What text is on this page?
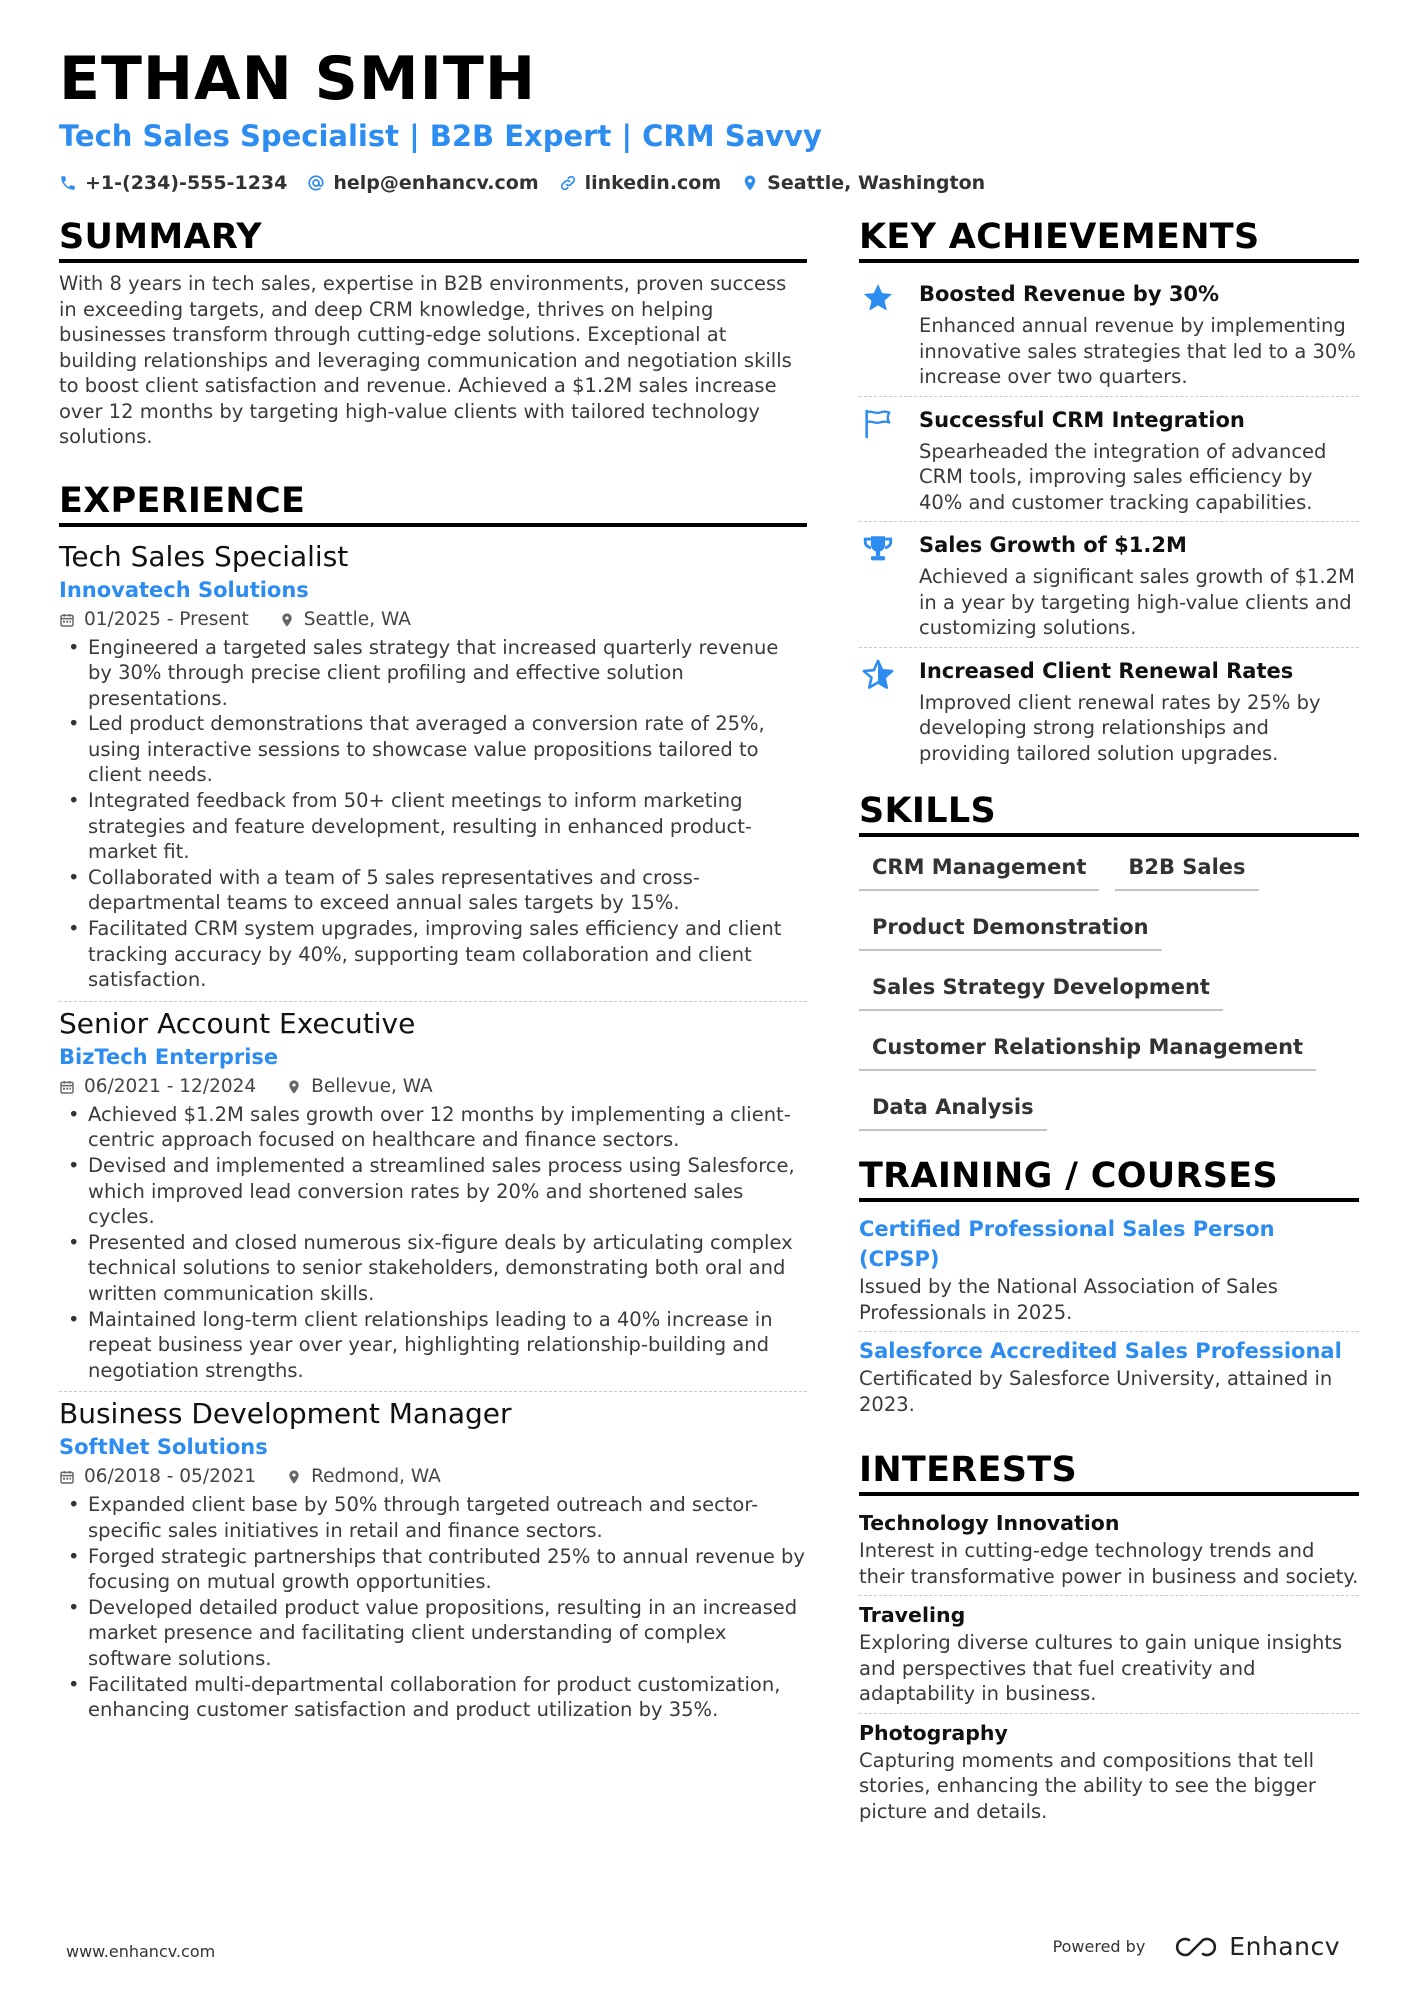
ETHAN SMITH
Tech Sales Specialist | B2B Expert | CRM Savvy
+1-(234)-555-1234 help@enhancv.com linkedin.com Seattle, Washington
SUMMARY
With 8 years in tech sales, expertise in B2B environments, proven success in exceeding targets, and deep CRM knowledge, thrives on helping businesses transform through cutting-edge solutions. Exceptional at building relationships and leveraging communication and negotiation skills to boost client satisfaction and revenue. Achieved a $1.2M sales increase over 12 months by targeting high-value clients with tailored technology solutions.
EXPERIENCE
Tech Sales Specialist
Innovatech Solutions
01/2025 - Present	Seattle, WA
• Engineered a targeted sales strategy that increased quarterly revenue by 30% through precise client profiling and effective solution presentations.
• Led product demonstrations that averaged a conversion rate of 25%, using interactive sessions to showcase value propositions tailored to client needs.
• Integrated feedback from 50+ client meetings to inform marketing strategies and feature development, resulting in enhanced product-market fit.
• Collaborated with a team of 5 sales representatives and cross-departmental teams to exceed annual sales targets by 15%.
• Facilitated CRM system upgrades, improving sales efficiency and client tracking accuracy by 40%, supporting team collaboration and client satisfaction.
Senior Account Executive
BizTech Enterprise
06/2021 - 12/2024	Bellevue, WA
• Achieved $1.2M sales growth over 12 months by implementing a client-centric approach focused on healthcare and finance sectors.
• Devised and implemented a streamlined sales process using Salesforce, which improved lead conversion rates by 20% and shortened sales cycles.
• Presented and closed numerous six-figure deals by articulating complex technical solutions to senior stakeholders, demonstrating both oral and written communication skills.
• Maintained long-term client relationships leading to a 40% increase in repeat business year over year, highlighting relationship-building and negotiation strengths.
Business Development Manager
SoftNet Solutions
06/2018 - 05/2021	Redmond, WA
• Expanded client base by 50% through targeted outreach and sector-specific sales initiatives in retail and finance sectors.
• Forged strategic partnerships that contributed 25% to annual revenue by focusing on mutual growth opportunities.
• Developed detailed product value propositions, resulting in an increased market presence and facilitating client understanding of complex software solutions.
• Facilitated multi-departmental collaboration for product customization, enhancing customer satisfaction and product utilization by 35%.
KEY ACHIEVEMENTS
Boosted Revenue by 30%
Enhanced annual revenue by implementing innovative sales strategies that led to a 30% increase over two quarters.
Successful CRM Integration
Spearheaded the integration of advanced CRM tools, improving sales efficiency by 40% and customer tracking capabilities.
Sales Growth of $1.2M
Achieved a significant sales growth of $1.2M in a year by targeting high-value clients and customizing solutions.
Increased Client Renewal Rates
Improved client renewal rates by 25% by developing strong relationships and providing tailored solution upgrades.
SKILLS
CRM Management	B2B Sales
Product Demonstration
Sales Strategy Development
Customer Relationship Management
Data Analysis
TRAINING / COURSES
Certified Professional Sales Person (CPSP)
Issued by the National Association of Sales Professionals in 2025.
Salesforce Accredited Sales Professional
Certificated by Salesforce University, attained in 2023.
INTERESTS
Technology Innovation
Interest in cutting-edge technology trends and their transformative power in business and society.
Traveling
Exploring diverse cultures to gain unique insights and perspectives that fuel creativity and adaptability in business.
Photography
Capturing moments and compositions that tell stories, enhancing the ability to see the bigger picture and details.
www.enhancv.com	Powered by	Enhancv
